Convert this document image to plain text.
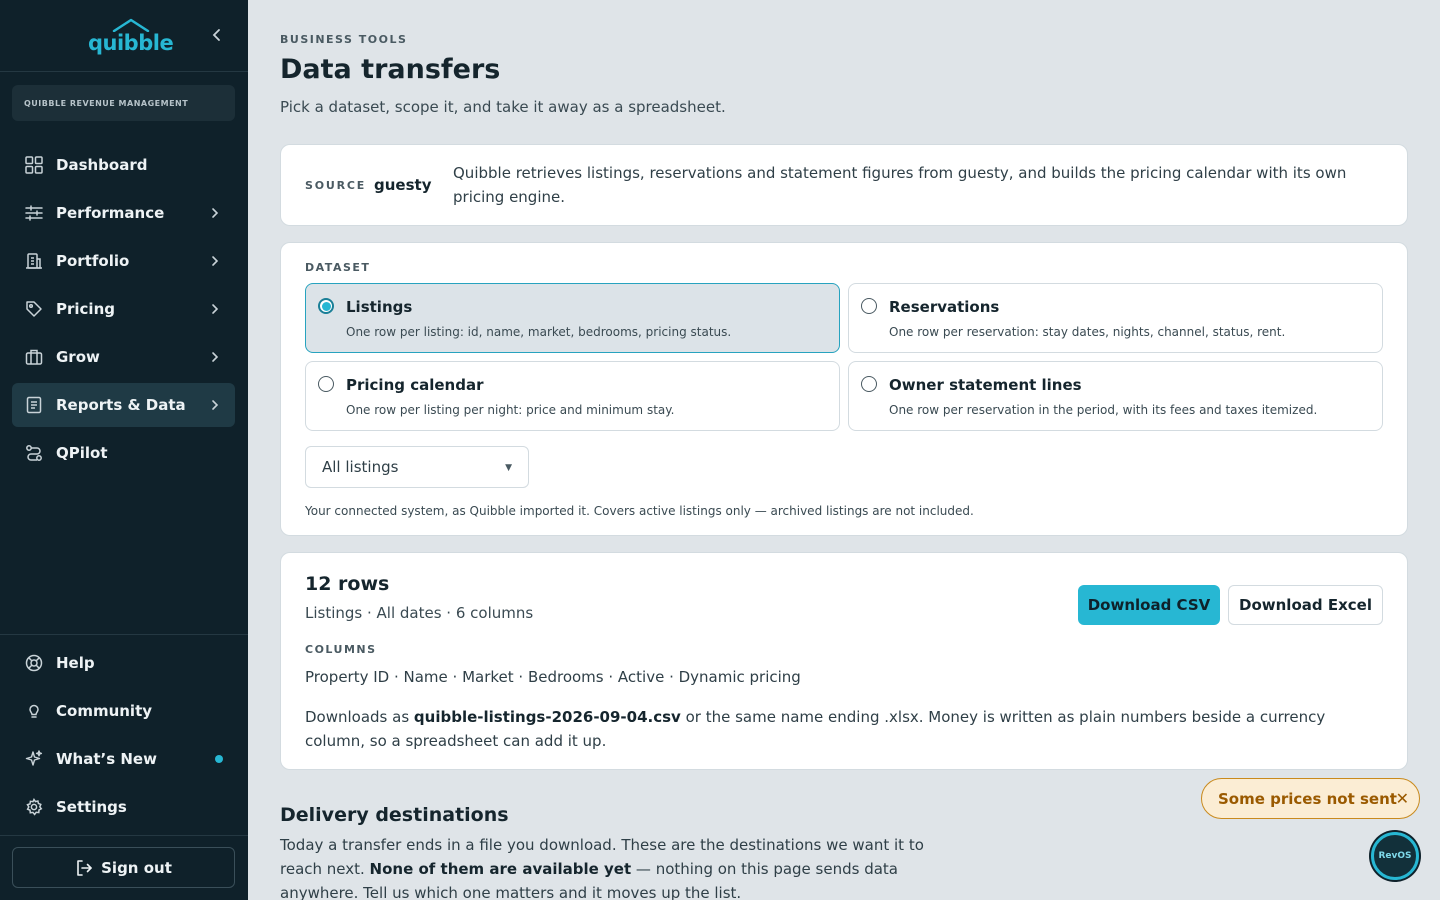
quibble
QUIBBLE REVENUE MANAGEMENT
Dashboard
Performance
Portfolio
Pricing
Grow
Reports & Data
QPilot
Help
Community
What’s New
Settings
Sign out
BUSINESS TOOLS
Data transfers

Pick a dataset, scope it, and take it away as a spreadsheet.

SOURCE guesty

Quibble retrieves listings, reservations and statement figures from guesty, and builds the pricing calendar with its own pricing engine.

DATASET
Listings
One row per listing: id, name, market, bedrooms, pricing status.
Reservations
One row per reservation: stay dates, nights, channel, status, rent.
Pricing calendar
One row per listing per night: price and minimum stay.
Owner statement lines
One row per reservation in the period, with its fees and taxes itemized.
All listings	▼

Your connected system, as Quibble imported it. Covers active listings only — archived listings are not included.

12 rows
Listings · All dates · 6 columns	Download CSV	Download Excel
COLUMNS
Property ID · Name · Market · Bedrooms · Active · Dynamic pricing

Downloads as quibble-listings-2026-09-04.csv or the same name ending .xlsx. Money is written as plain numbers beside a currency column, so a spreadsheet can add it up.

Delivery destinations

Today a transfer ends in a file you download. These are the destinations we want it to reach next. None of them are available yet — nothing on this page sends data anywhere. Tell us which one matters and it moves up the list.

Some prices not sent
✕
RevOS
